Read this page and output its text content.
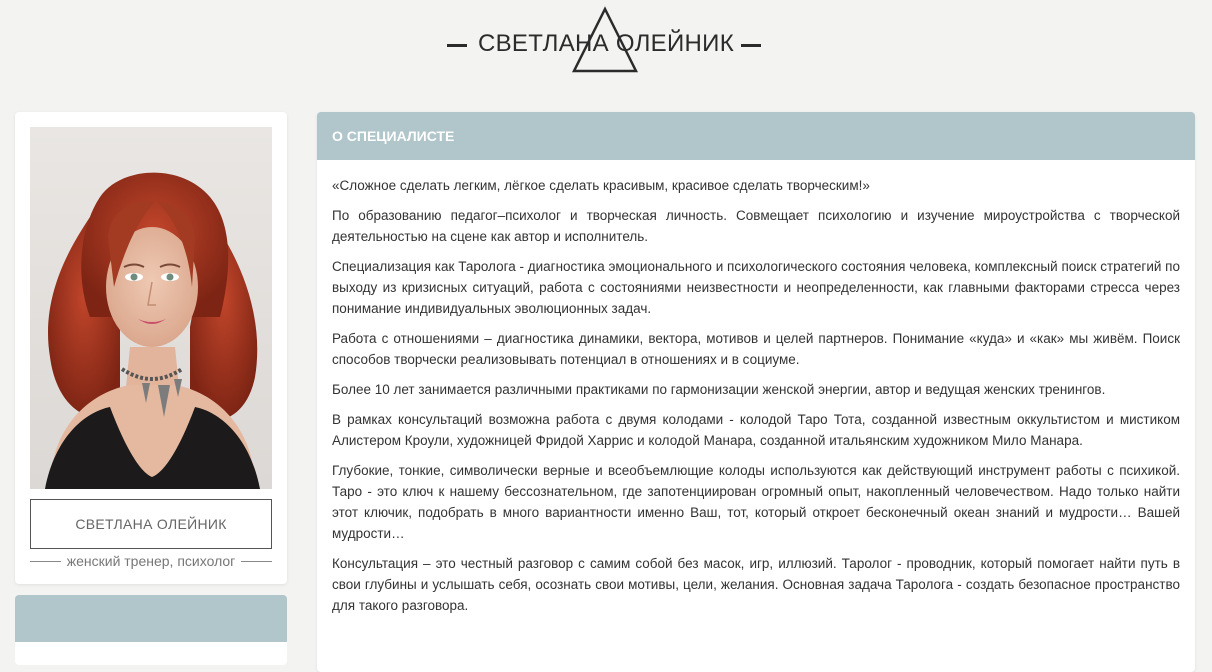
СВЕТЛАНА ОЛЕЙНИК
СВЕТЛАНА ОЛЕЙНИК
женский тренер, психолог
О СПЕЦИАЛИСТЕ

«Сложное сделать легким, лёгкое сделать красивым, красивое сделать творческим!»

По образованию педагог–психолог и творческая личность. Совмещает психологию и изучение мироустройства с творческой деятельностью на сцене как автор и исполнитель.

Специализация как Таролога - диагностика эмоционального и психологического состояния человека, комплексный поиск стратегий по выходу из кризисных ситуаций, работа с состояниями неизвестности и неопределенности, как главными факторами стресса через понимание индивидуальных эволюционных задач.

Работа с отношениями – диагностика динамики, вектора, мотивов и целей партнеров. Понимание «куда» и «как» мы живём. Поиск способов творчески реализовывать потенциал в отношениях и в социуме.

Более 10 лет занимается различными практиками по гармонизации женской энергии, автор и ведущая женских тренингов.

В рамках консультаций возможна работа с двумя колодами - колодой Таро Тота, созданной известным оккультистом и мистиком Алистером Кроули, художницей Фридой Харрис и колодой Манара, созданной итальянским художником Мило Манара.

Глубокие, тонкие, символически верные и всеобъемлющие колоды используются как действующий инструмент работы с психикой. Таро - это ключ к нашему бессознательном, где запотенциирован огромный опыт, накопленный человечеством. Надо только найти этот ключик, подобрать в много вариантности именно Ваш, тот, который откроет бесконечный океан знаний и мудрости… Вашей мудрости…

Консультация – это честный разговор с самим собой без масок, игр, иллюзий. Таролог - проводник, который помогает найти путь в свои глубины и услышать себя, осознать свои мотивы, цели, желания. Основная задача Таролога - создать безопасное пространство для такого разговора.
